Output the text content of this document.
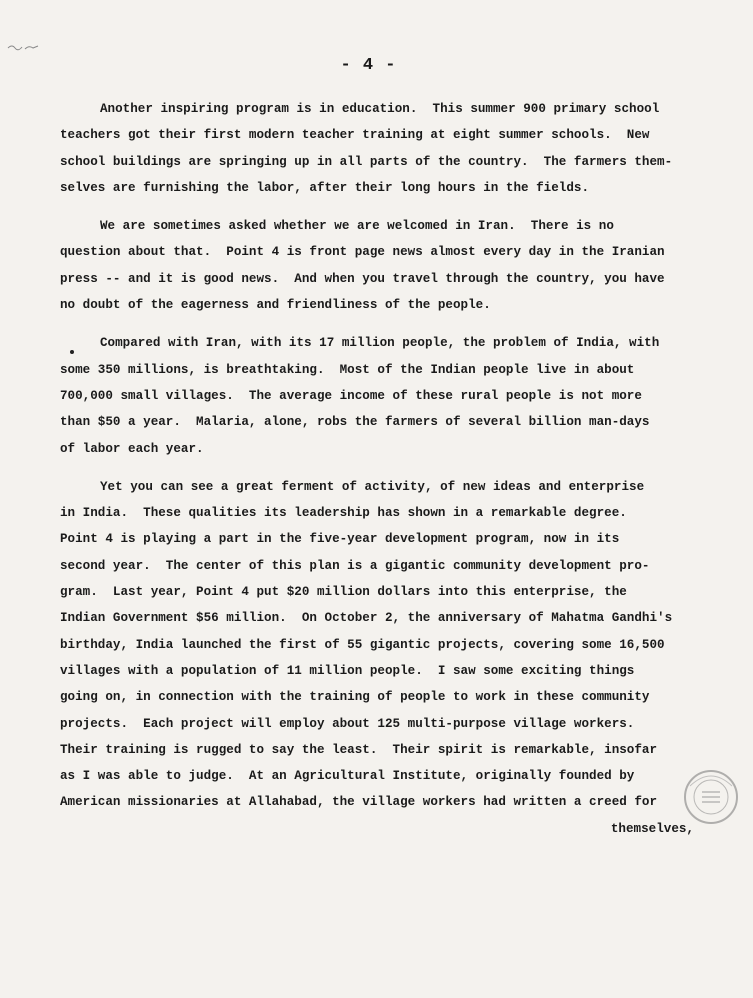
- 4 -

Another inspiring program is in education.  This summer 900 primary school

teachers got their first modern teacher training at eight summer schools.  New

school buildings are springing up in all parts of the country.  The farmers them-

selves are furnishing the labor, after their long hours in the fields.

We are sometimes asked whether we are welcomed in Iran.  There is no

question about that.  Point 4 is front page news almost every day in the Iranian

press -- and it is good news.  And when you travel through the country, you have

no doubt of the eagerness and friendliness of the people.

Compared with Iran, with its 17 million people, the problem of India, with

some 350 millions, is breathtaking.  Most of the Indian people live in about

700,000 small villages.  The average income of these rural people is not more

than $50 a year.  Malaria, alone, robs the farmers of several billion man-days

of labor each year.

Yet you can see a great ferment of activity, of new ideas and enterprise

in India.  These qualities its leadership has shown in a remarkable degree.

Point 4 is playing a part in the five-year development program, now in its

second year.  The center of this plan is a gigantic community development pro-

gram.  Last year, Point 4 put $20 million dollars into this enterprise, the

Indian Government $56 million.  On October 2, the anniversary of Mahatma Gandhi's

birthday, India launched the first of 55 gigantic projects, covering some 16,500

villages with a population of 11 million people.  I saw some exciting things

going on, in connection with the training of people to work in these community

projects.  Each project will employ about 125 multi-purpose village workers.

Their training is rugged to say the least.  Their spirit is remarkable, insofar

as I was able to judge.  At an Agricultural Institute, originally founded by

American missionaries at Allahabad, the village workers had written a creed for

themselves,
